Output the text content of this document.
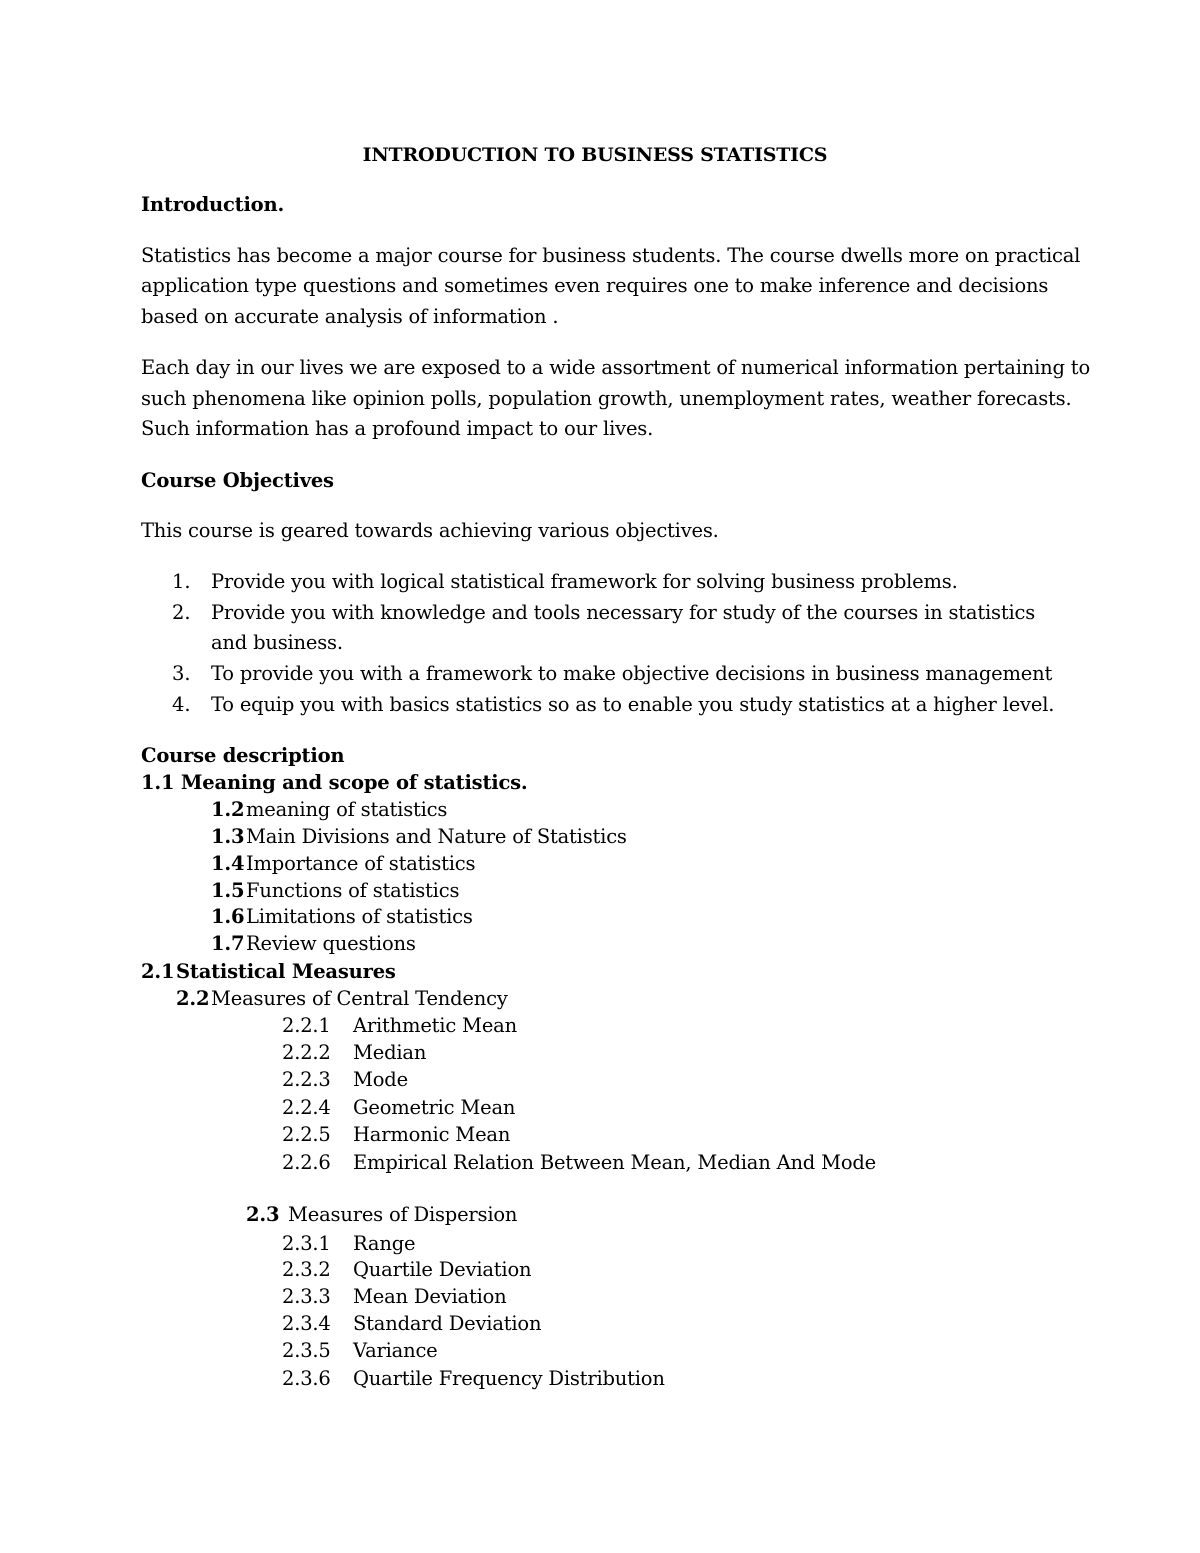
INTRODUCTION TO BUSINESS STATISTICS
Introduction.
Statistics has become a major course for business students. The course dwells more on practical
application type questions and sometimes even requires one to make inference and decisions
based on accurate analysis of information .
Each day in our lives we are exposed to a wide assortment of numerical information pertaining to
such phenomena like opinion polls, population growth, unemployment rates, weather forecasts.
Such information has a profound impact to our lives.
Course Objectives
This course is geared towards achieving various objectives.
1. Provide you with logical statistical framework for solving business problems.
2. Provide you with knowledge and tools necessary for study of the courses in statistics
and business.
3. To provide you with a framework to make objective decisions in business management
4. To equip you with basics statistics so as to enable you study statistics at a higher level.
Course description
1.1 Meaning and scope of statistics.
1.2 meaning of statistics
1.3 Main Divisions and Nature of Statistics
1.4 Importance of statistics
1.5 Functions of statistics
1.6 Limitations of statistics
1.7 Review questions
2.1 Statistical Measures
2.2 Measures of Central Tendency
2.2.1 Arithmetic Mean
2.2.2 Median
2.2.3 Mode
2.2.4 Geometric Mean
2.2.5 Harmonic Mean
2.2.6 Empirical Relation Between Mean, Median And Mode
2.3 Measures of Dispersion
2.3.1 Range
2.3.2 Quartile Deviation
2.3.3 Mean Deviation
2.3.4 Standard Deviation
2.3.5 Variance
2.3.6 Quartile Frequency Distribution
